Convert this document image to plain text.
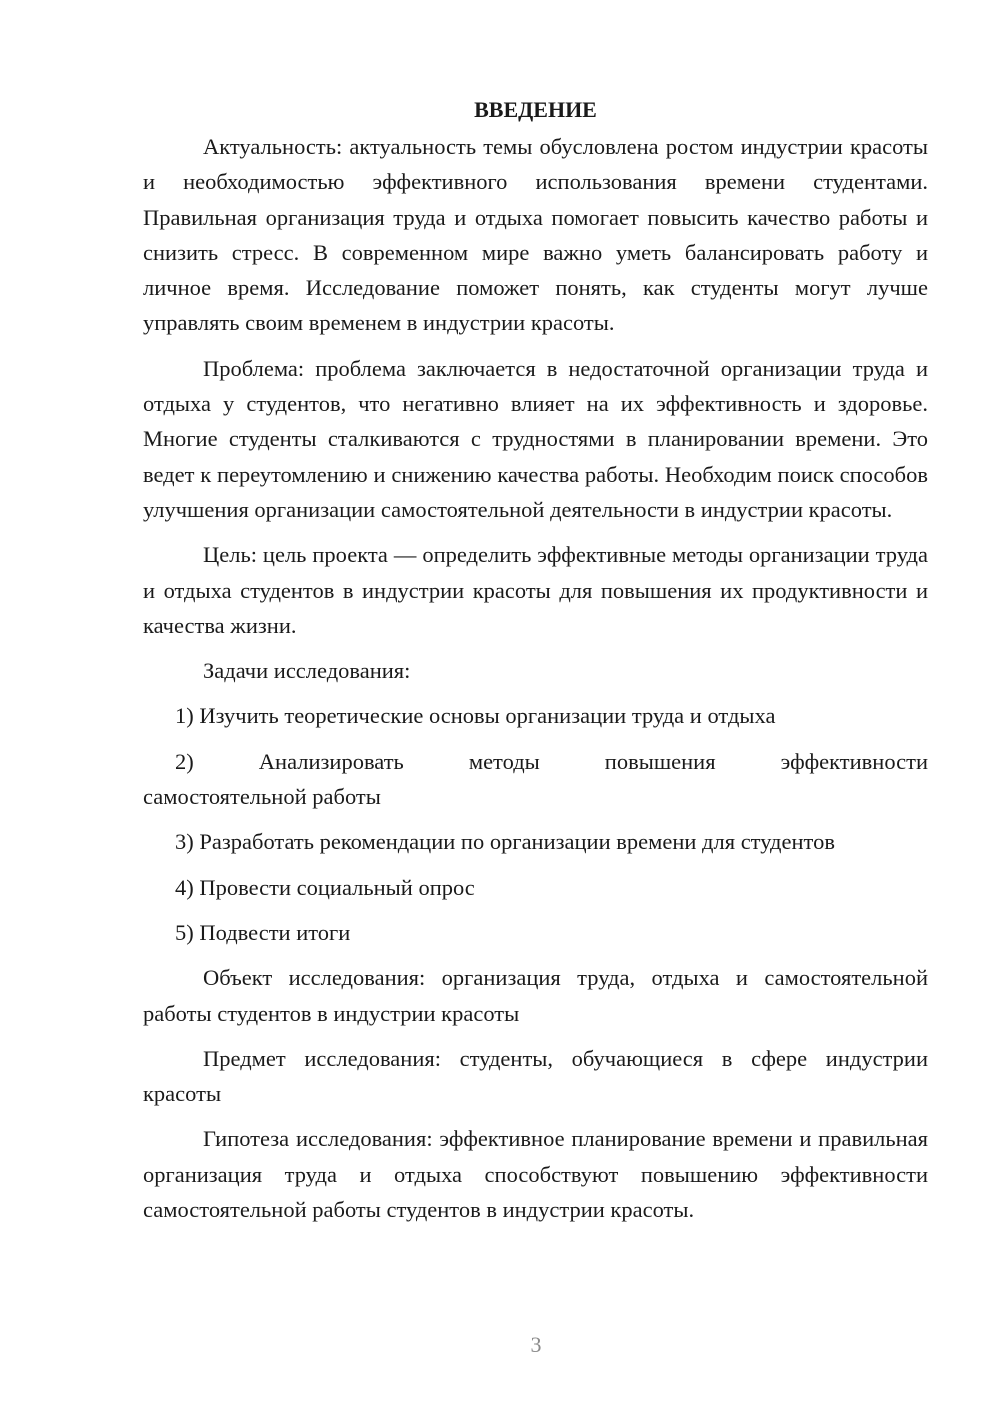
ВВЕДЕНИЕ

Актуальность: актуальность темы обусловлена ростом индустрии красоты и необходимостью эффективного использования времени студентами. Правильная организация труда и отдыха помогает повысить качество работы и снизить стресс. В современном мире важно уметь балансировать работу и личное время. Исследование поможет понять, как студенты могут лучше управлять своим временем в индустрии красоты.

Проблема: проблема заключается в недостаточной организации труда и отдыха у студентов, что негативно влияет на их эффективность и здоровье. Многие студенты сталкиваются с трудностями в планировании времени. Это ведет к переутомлению и снижению качества работы. Необходим поиск способов улучшения организации самостоятельной деятельности в индустрии красоты.

Цель: цель проекта — определить эффективные методы организации труда и отдыха студентов в индустрии красоты для повышения их продуктивности и качества жизни.

Задачи исследования:

1) Изучить теоретические основы организации труда и отдыха

2) Анализировать методы повышения эффективности
самостоятельной работы

3) Разработать рекомендации по организации времени для студентов

4) Провести социальный опрос

5) Подвести итоги

Объект исследования: организация труда, отдыха и самостоятельной работы студентов в индустрии красоты

Предмет исследования: студенты, обучающиеся в сфере индустрии красоты

Гипотеза исследования: эффективное планирование времени и правильная организация труда и отдыха способствуют повышению эффективности самостоятельной работы студентов в индустрии красоты.

3
